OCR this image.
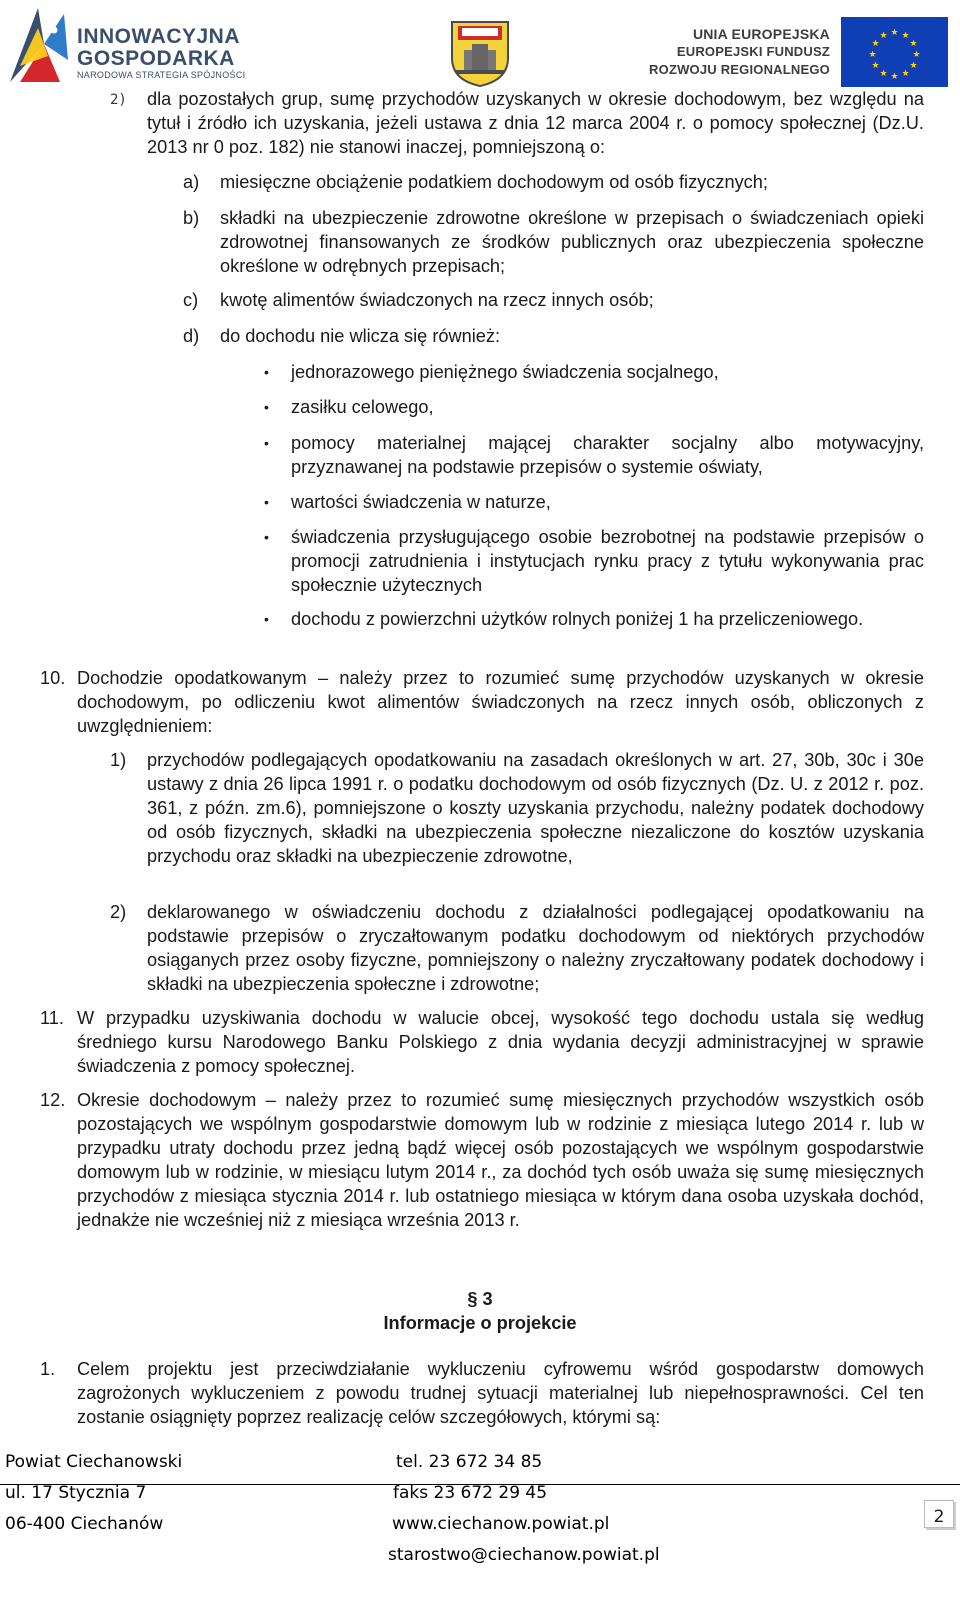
INNOWACYJNA
GOSPODARKA
NARODOWA STRATEGIA SPÓJNOŚCI
UNIA EUROPEJSKA
EUROPEJSKI FUNDUSZ
ROZWOJU REGIONALNEGO
★ ★
★
★
★
★
★
★
★
★
★
★
2) dla pozostałych grup, sumę przychodów uzyskanych w okresie dochodowym, bez względu na tytuł i źródło ich uzyskania, jeżeli ustawa z dnia 12 marca 2004 r. o pomocy społecznej (Dz.U. 2013 nr 0 poz. 182) nie stanowi inaczej, pomniejszoną o:
a) miesięczne obciążenie podatkiem dochodowym od osób fizycznych;
b) składki na ubezpieczenie zdrowotne określone w przepisach o świadczeniach opieki zdrowotnej finansowanych ze środków publicznych oraz ubezpieczenia społeczne określone w odrębnych przepisach;
c) kwotę alimentów świadczonych na rzecz innych osób;
d) do dochodu nie wlicza się również:
• jednorazowego pieniężnego świadczenia socjalnego,
• zasiłku celowego,
• pomocy materialnej mającej charakter socjalny albo motywacyjny, przyznawanej na podstawie przepisów o systemie oświaty,
• wartości świadczenia w naturze,
• świadczenia przysługującego osobie bezrobotnej na podstawie przepisów o promocji zatrudnienia i instytucjach rynku pracy z tytułu wykonywania prac społecznie użytecznych
• dochodu z powierzchni użytków rolnych poniżej 1 ha przeliczeniowego.
10. Dochodzie opodatkowanym – należy przez to rozumieć sumę przychodów uzyskanych w okresie dochodowym, po odliczeniu kwot alimentów świadczonych na rzecz innych osób, obliczonych z uwzględnieniem:
1) przychodów podlegających opodatkowaniu na zasadach określonych w art. 27, 30b, 30c i 30e ustawy z dnia 26 lipca 1991 r. o podatku dochodowym od osób fizycznych (Dz. U. z 2012 r. poz. 361, z późn. zm.6), pomniejszone o koszty uzyskania przychodu, należny podatek dochodowy od osób fizycznych, składki na ubezpieczenia społeczne niezaliczone do kosztów uzyskania przychodu oraz składki na ubezpieczenie zdrowotne,
2) deklarowanego w oświadczeniu dochodu z działalności podlegającej opodatkowaniu na podstawie przepisów o zryczałtowanym podatku dochodowym od niektórych przychodów osiąganych przez osoby fizyczne, pomniejszony o należny zryczałtowany podatek dochodowy i składki na ubezpieczenia społeczne i zdrowotne;
11. W przypadku uzyskiwania dochodu w walucie obcej, wysokość tego dochodu ustala się według średniego kursu Narodowego Banku Polskiego z dnia wydania decyzji administracyjnej w sprawie świadczenia z pomocy społecznej.
12. Okresie dochodowym – należy przez to rozumieć sumę miesięcznych przychodów wszystkich osób pozostających we wspólnym gospodarstwie domowym lub w rodzinie z miesiąca lutego 2014 r. lub w przypadku utraty dochodu przez jedną bądź więcej osób pozostających we wspólnym gospodarstwie domowym lub w rodzinie, w miesiącu lutym 2014 r., za dochód tych osób uważa się sumę miesięcznych przychodów z miesiąca stycznia 2014 r. lub ostatniego miesiąca w którym dana osoba uzyskała dochód, jednakże nie wcześniej niż z miesiąca września 2013 r.
§ 3
Informacje o projekcie
1. Celem projektu jest przeciwdziałanie wykluczeniu cyfrowemu wśród gospodarstw domowych zagrożonych wykluczeniem z powodu trudnej sytuacji materialnej lub niepełnosprawności. Cel ten zostanie osiągnięty poprzez realizację celów szczegółowych, którymi są:
Powiat Ciechanowski
ul. 17 Stycznia 7
06-400 Ciechanów
tel. 23 672 34 85
faks 23 672 29 45
www.ciechanow.powiat.pl
starostwo@ciechanow.powiat.pl
2
